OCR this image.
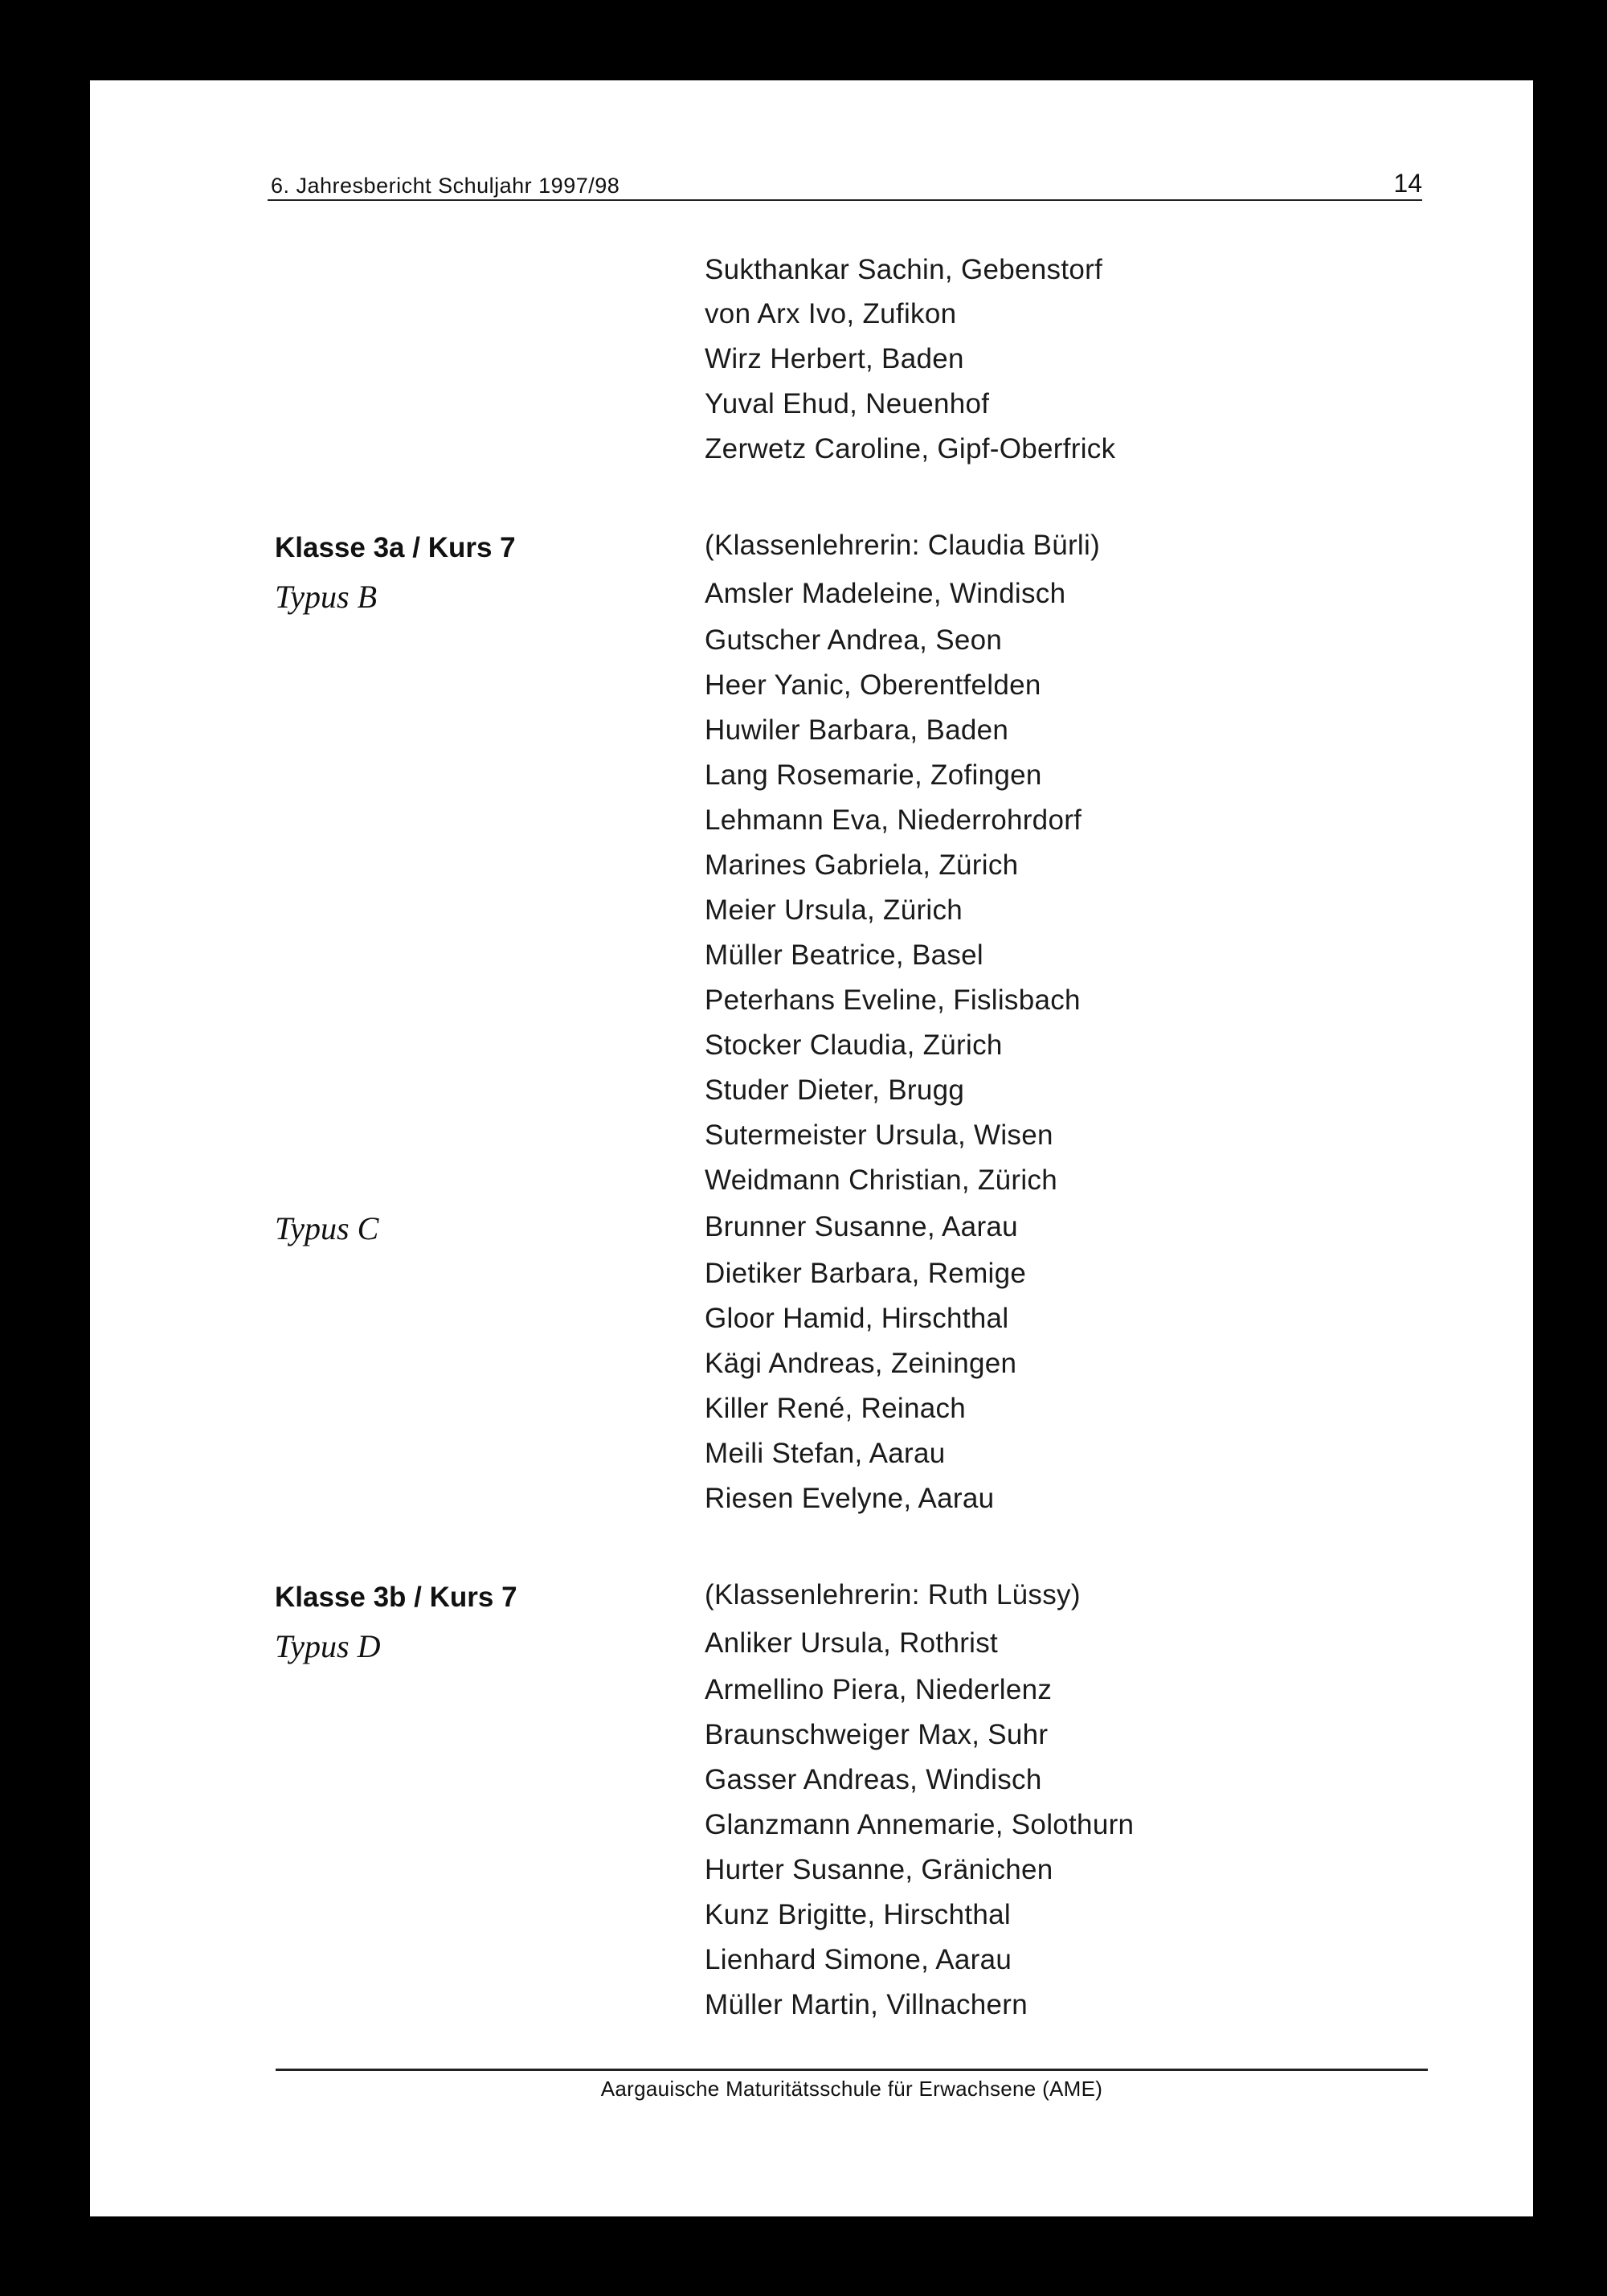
6. Jahresbericht Schuljahr 1997/98	14
Sukthankar Sachin, Gebenstorf
von Arx Ivo, Zufikon
Wirz Herbert, Baden
Yuval Ehud, Neuenhof
Zerwetz Caroline, Gipf-Oberfrick
Klasse 3a / Kurs 7	(Klassenlehrerin: Claudia Bürli)
Typus B	Amsler Madeleine, Windisch
Gutscher Andrea, Seon
Heer Yanic, Oberentfelden
Huwiler Barbara, Baden
Lang Rosemarie, Zofingen
Lehmann Eva, Niederrohrdorf
Marines Gabriela, Zürich
Meier Ursula, Zürich
Müller Beatrice, Basel
Peterhans Eveline, Fislisbach
Stocker Claudia, Zürich
Studer Dieter, Brugg
Sutermeister Ursula, Wisen
Weidmann Christian, Zürich
Typus C	Brunner Susanne, Aarau
Dietiker Barbara, Remige
Gloor Hamid, Hirschthal
Kägi Andreas, Zeiningen
Killer René, Reinach
Meili Stefan, Aarau
Riesen Evelyne, Aarau
Klasse 3b / Kurs 7	(Klassenlehrerin: Ruth Lüssy)
Typus D	Anliker Ursula, Rothrist
Armellino Piera, Niederlenz
Braunschweiger Max, Suhr
Gasser Andreas, Windisch
Glanzmann Annemarie, Solothurn
Hurter Susanne, Gränichen
Kunz Brigitte, Hirschthal
Lienhard Simone, Aarau
Müller Martin, Villnachern
Aargauische Maturitätsschule für Erwachsene (AME)
